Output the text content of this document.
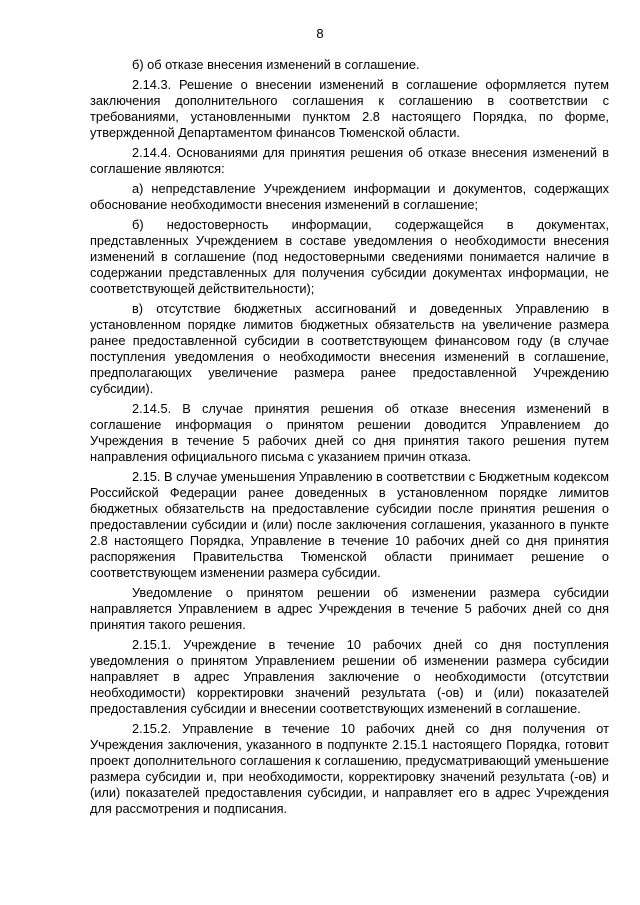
8

б) об отказе внесения изменений в соглашение.

2.14.3. Решение о внесении изменений в соглашение оформляется путем заключения дополнительного соглашения к соглашению в соответствии с требованиями, установленными пунктом 2.8 настоящего Порядка, по форме, утвержденной Департаментом финансов Тюменской области.

2.14.4. Основаниями для принятия решения об отказе внесения изменений в соглашение являются:

а) непредставление Учреждением информации и документов, содержащих обоснование необходимости внесения изменений в соглашение;

б) недостоверность информации, содержащейся в документах, представленных Учреждением в составе уведомления о необходимости внесения изменений в соглашение (под недостоверными сведениями понимается наличие в содержании представленных для получения субсидии документах информации, не соответствующей действительности);

в) отсутствие бюджетных ассигнований и доведенных Управлению в установленном порядке лимитов бюджетных обязательств на увеличение размера ранее предоставленной субсидии в соответствующем финансовом году (в случае поступления уведомления о необходимости внесения изменений в соглашение, предполагающих увеличение размера ранее предоставленной Учреждению субсидии).

2.14.5. В случае принятия решения об отказе внесения изменений в соглашение информация о принятом решении доводится Управлением до Учреждения в течение 5 рабочих дней со дня принятия такого решения путем направления официального письма с указанием причин отказа.

2.15. В случае уменьшения Управлению в соответствии с Бюджетным кодексом Российской Федерации ранее доведенных в установленном порядке лимитов бюджетных обязательств на предоставление субсидии после принятия решения о предоставлении субсидии и (или) после заключения соглашения, указанного в пункте 2.8 настоящего Порядка, Управление в течение 10 рабочих дней со дня принятия распоряжения Правительства Тюменской области принимает решение о соответствующем изменении размера субсидии.

Уведомление о принятом решении об изменении размера субсидии направляется Управлением в адрес Учреждения в течение 5 рабочих дней со дня принятия такого решения.

2.15.1. Учреждение в течение 10 рабочих дней со дня поступления уведомления о принятом Управлением решении об изменении размера субсидии направляет в адрес Управления заключение о необходимости (отсутствии необходимости) корректировки значений результата (-ов) и (или) показателей предоставления субсидии и внесении соответствующих изменений в соглашение.

2.15.2. Управление в течение 10 рабочих дней со дня получения от Учреждения заключения, указанного в подпункте 2.15.1 настоящего Порядка, готовит проект дополнительного соглашения к соглашению, предусматривающий уменьшение размера субсидии и, при необходимости, корректировку значений результата (-ов) и (или) показателей предоставления субсидии, и направляет его в адрес Учреждения для рассмотрения и подписания.
